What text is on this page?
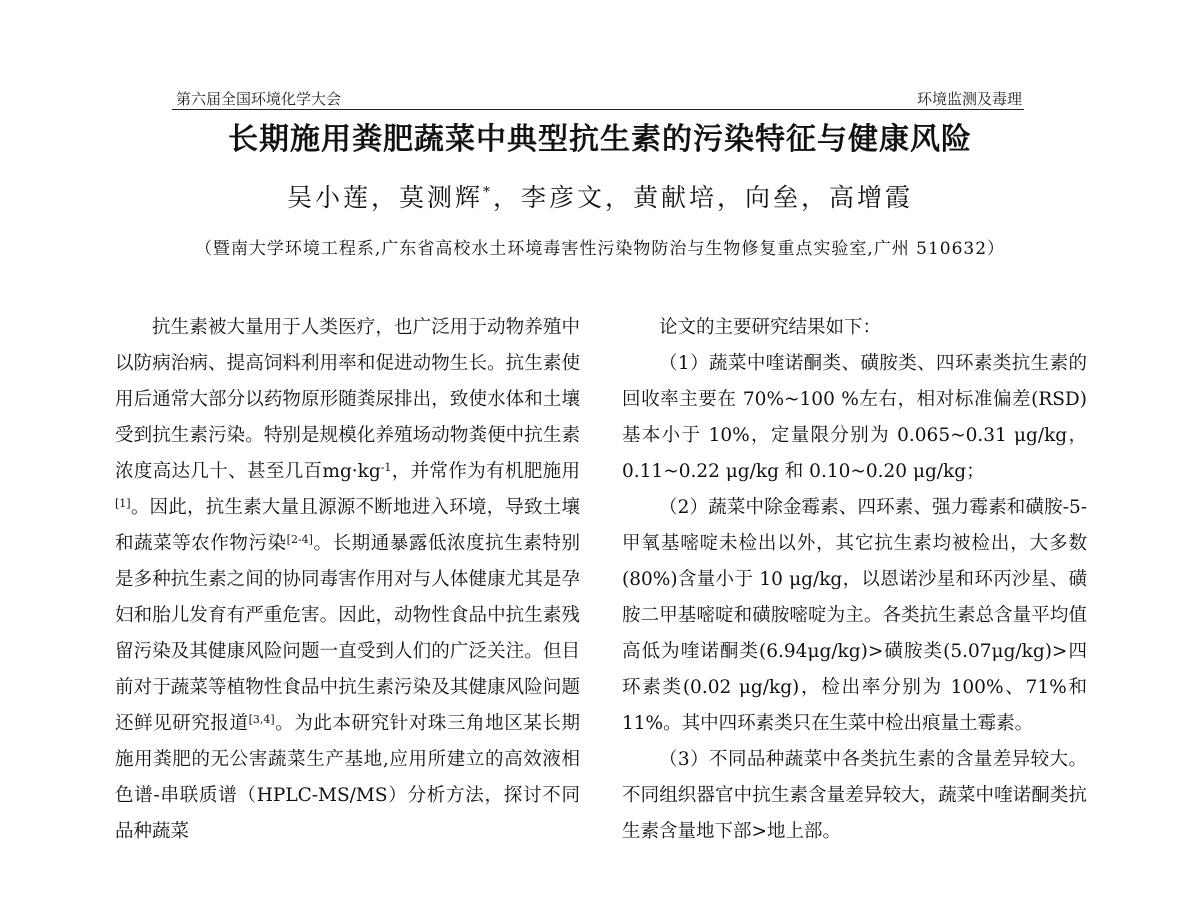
第六届全国环境化学大会	环境监测及毒理
长期施用粪肥蔬菜中典型抗生素的污染特征与健康风险
吴小莲，莫测辉*，李彦文，黄献培，向垒，高增霞
（暨南大学环境工程系,广东省高校水土环境毒害性污染物防治与生物修复重点实验室,广州 510632）

抗生素被大量用于人类医疗，也广泛用于动物养殖中以防病治病、提高饲料利用率和促进动物生长。抗生素使用后通常大部分以药物原形随粪尿排出，致使水体和土壤受到抗生素污染。特别是规模化养殖场动物粪便中抗生素浓度高达几十、甚至几百$mg\cdot kg^{-1}$，并常作为有机肥施用[1]。因此，抗生素大量且源源不断地进入环境，导致土壤和蔬菜等农作物污染[2-4]。长期通暴露低浓度抗生素特别是多种抗生素之间的协同毒害作用对与人体健康尤其是孕妇和胎儿发育有严重危害。因此，动物性食品中抗生素残留污染及其健康风险问题一直受到人们的广泛关注。但目前对于蔬菜等植物性食品中抗生素污染及其健康风险问题还鲜见研究报道[3,4]。为此本研究针对珠三角地区某长期施用粪肥的无公害蔬菜生产基地,应用所建立的高效液相色谱-串联质谱（HPLC-MS/MS）分析方法，探讨不同品种蔬菜

论文的主要研究结果如下：

（1）蔬菜中喹诺酮类、磺胺类、四环素类抗生素的回收率主要在 70%~100 %左右，相对标准偏差(RSD)基本小于 10%，定量限分别为 0.065~0.31 μg/kg，0.11~0.22 μg/kg 和 0.10~0.20 μg/kg；

（2）蔬菜中除金霉素、四环素、强力霉素和磺胺-5-甲氧基嘧啶未检出以外，其它抗生素均被检出，大多数(80%)含量小于 10 μg/kg，以恩诺沙星和环丙沙星、磺胺二甲基嘧啶和磺胺嘧啶为主。各类抗生素总含量平均值高低为喹诺酮类(6.94μg/kg)>磺胺类(5.07μg/kg)>四环素类(0.02 μg/kg)，检出率分别为 100%、71%和 11%。其中四环素类只在生菜中检出痕量土霉素。

（3）不同品种蔬菜中各类抗生素的含量差异较大。不同组织器官中抗生素含量差异较大，蔬菜中喹诺酮类抗生素含量地下部>地上部。
